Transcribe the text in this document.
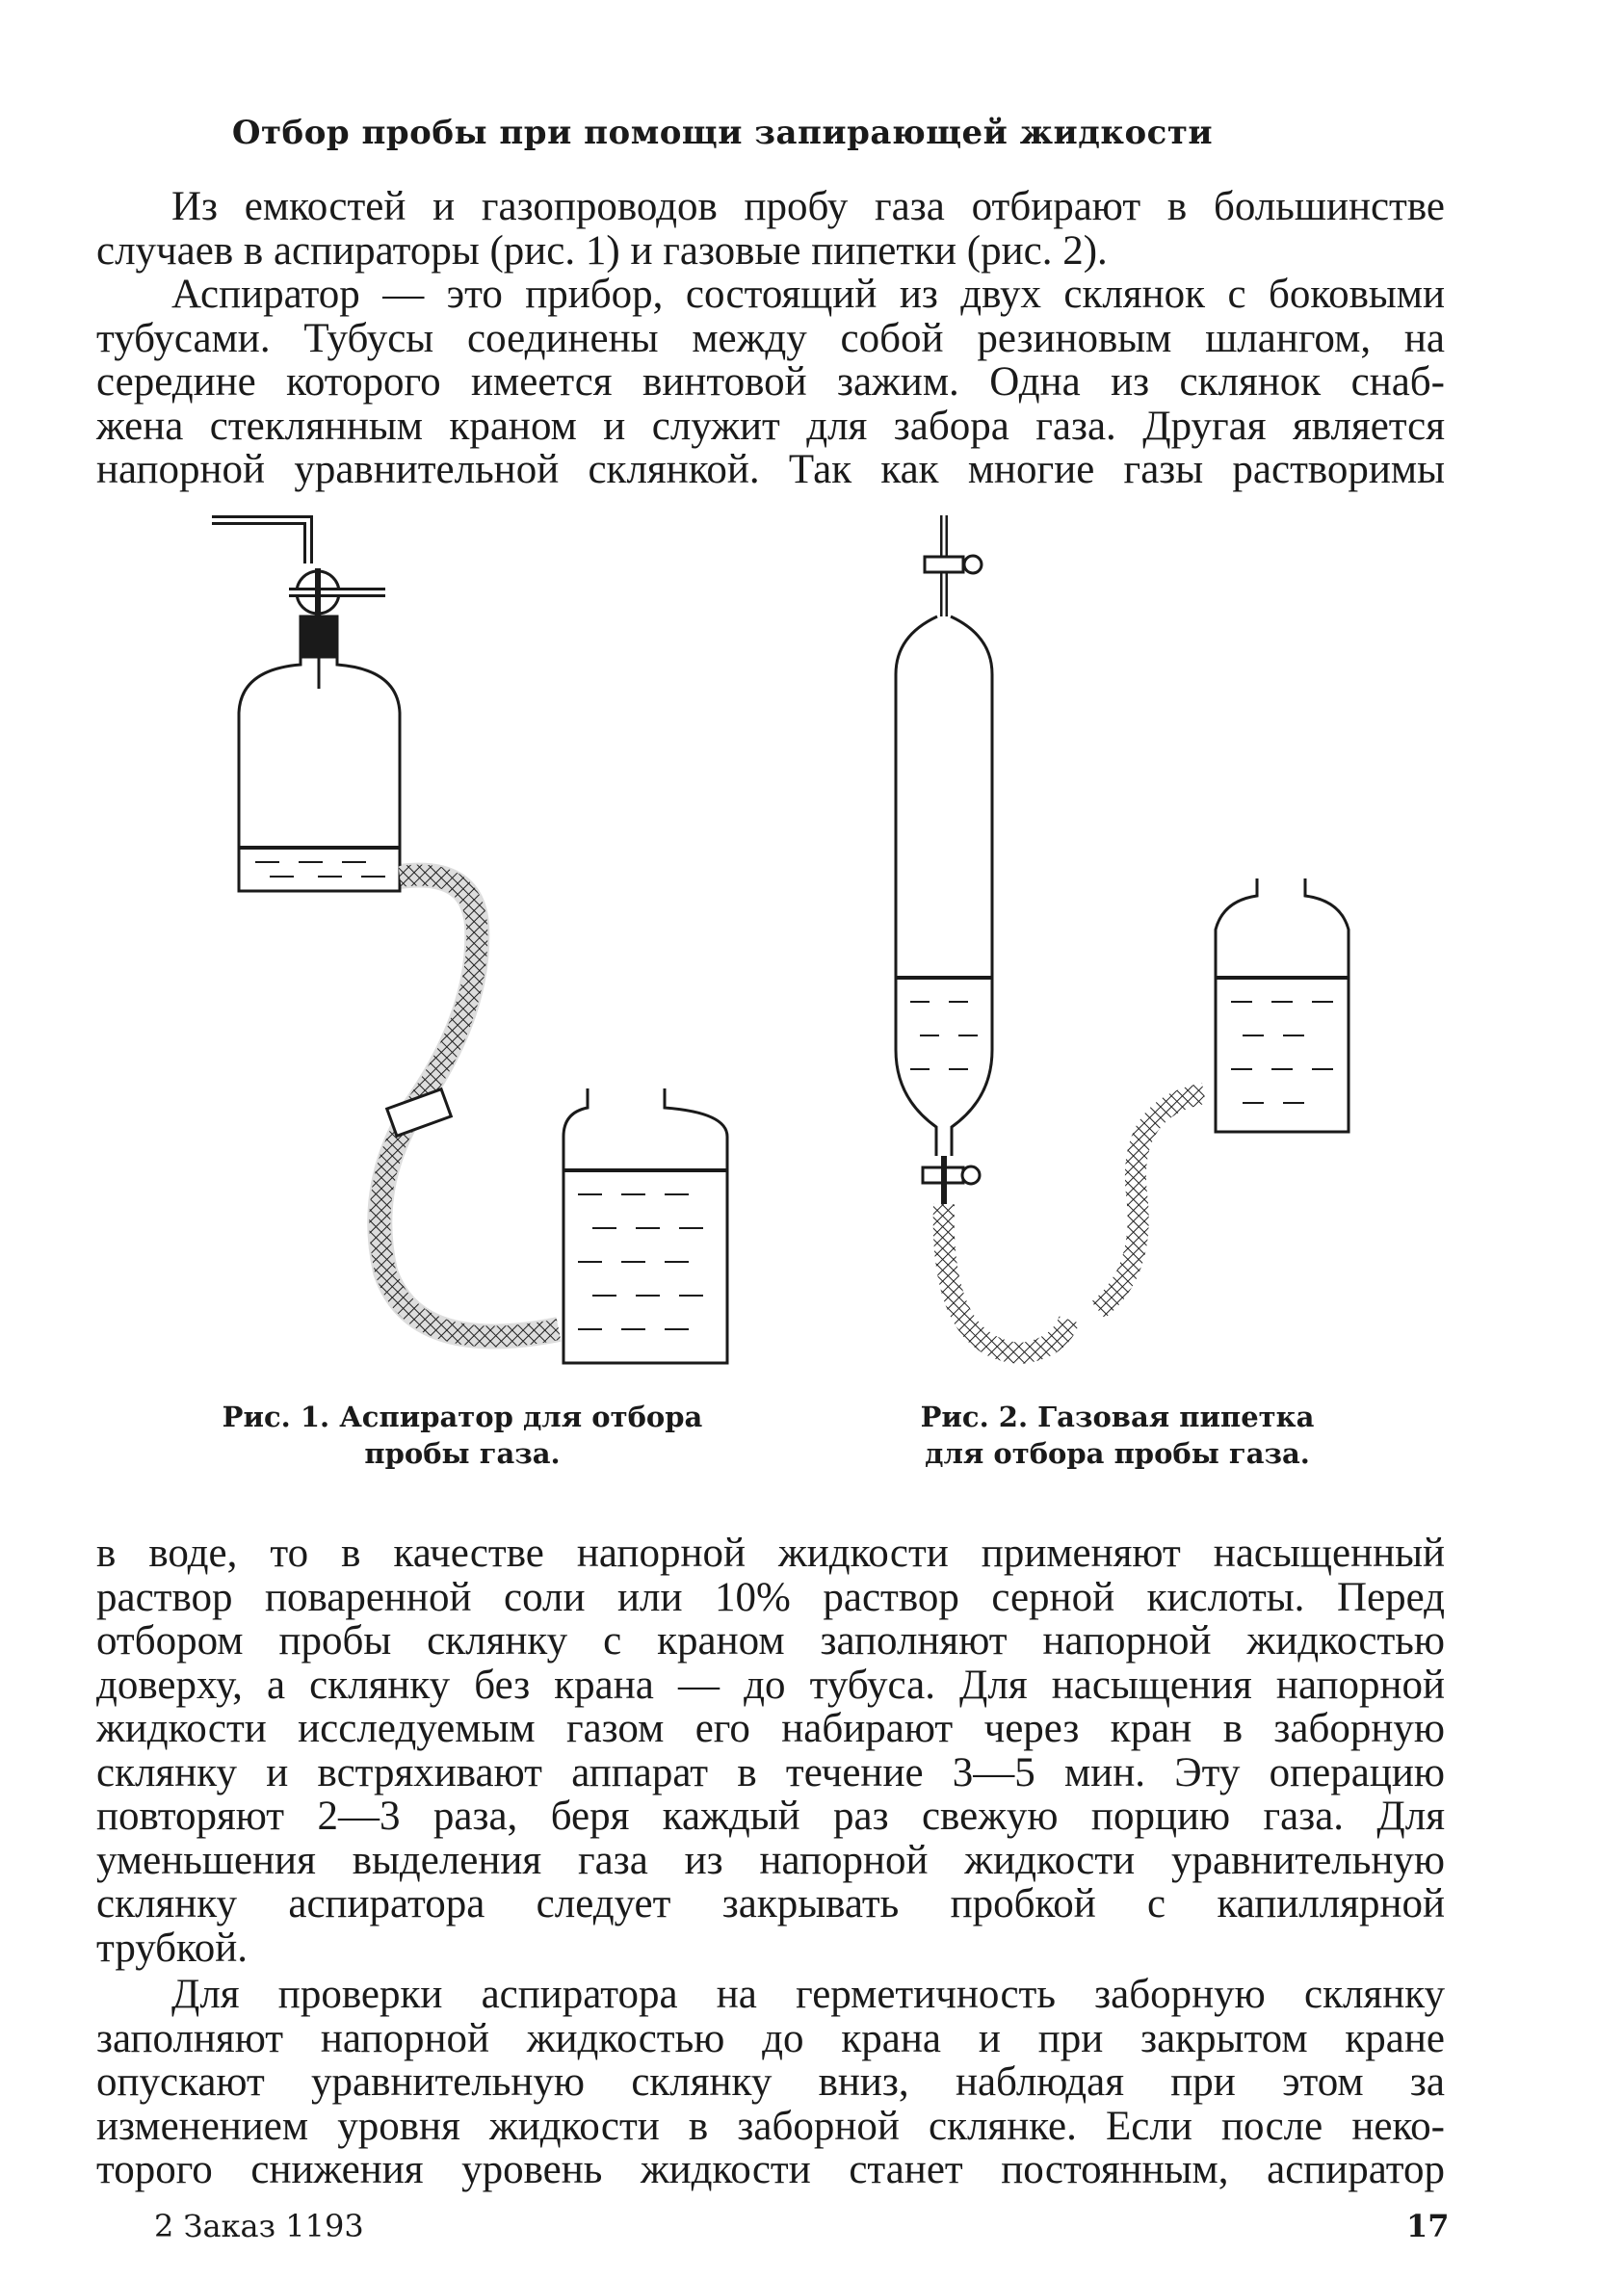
Отбор пробы при помощи запирающей жидкости
Из емкостей и газопроводов пробу газа отбирают в большинстве
случаев в аспираторы (рис. 1) и газовые пипетки (рис. 2).
Аспиратор — это прибор, состоящий из двух склянок с боковыми
тубусами. Тубусы соединены между собой резиновым шлангом, на
середине которого имеется винтовой зажим. Одна из склянок снаб-
жена стеклянным краном и служит для забора газа. Другая является
напорной уравнительной склянкой. Так как многие газы растворимы
Рис. 1. Аспиратор для отбора
пробы газа.
Рис. 2. Газовая пипетка
для отбора пробы газа.
в воде, то в качестве напорной жидкости применяют насыщенный
раствор поваренной соли или 10% раствор серной кислоты. Перед
отбором пробы склянку с краном заполняют напорной жидкостью
доверху, а склянку без крана — до тубуса. Для насыщения напорной
жидкости исследуемым газом его набирают через кран в заборную
склянку и встряхивают аппарат в течение 3—5 мин. Эту операцию
повторяют 2—3 раза, беря каждый раз свежую порцию газа. Для
уменьшения выделения газа из напорной жидкости уравнительную
склянку аспиратора следует закрывать пробкой с капиллярной
трубкой.
Для проверки аспиратора на герметичность заборную склянку
заполняют напорной жидкостью до крана и при закрытом кране
опускают уравнительную склянку вниз, наблюдая при этом за
изменением уровня жидкости в заборной склянке. Если после неко-
торого снижения уровень жидкости станет постоянным, аспиратор
2 Заказ 1193	17
